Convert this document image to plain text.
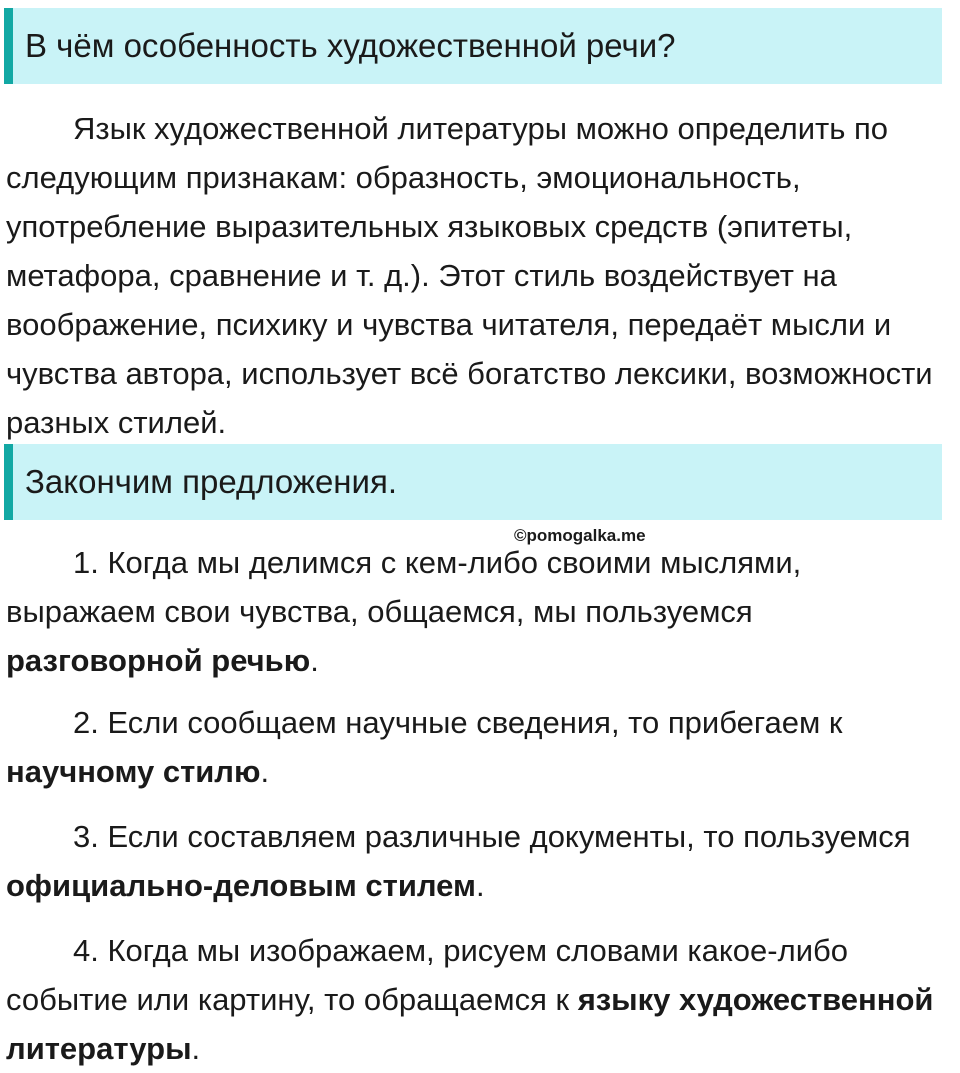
В чём особенность художественной речи?

Язык художественной литературы можно определить по следующим признакам: образность, эмоциональность, употребление выразительных языковых средств (эпитеты, метафора, сравнение и т. д.). Этот стиль воздействует на воображение, психику и чувства читателя, передаёт мысли и чувства автора, использует всё богатство лексики, возможности разных стилей.

Закончим предложения.
©pomogalka.me

1. Когда мы делимся с кем-либо своими мыслями, выражаем свои чувства, общаемся, мы пользуемся разговорной речью.

2. Если сообщаем научные сведения, то прибегаем к научному стилю.

3. Если составляем различные документы, то пользуемся официально-деловым стилем.

4. Когда мы изображаем, рисуем словами какое-либо событие или картину, то обращаемся к языку художественной литературы.
